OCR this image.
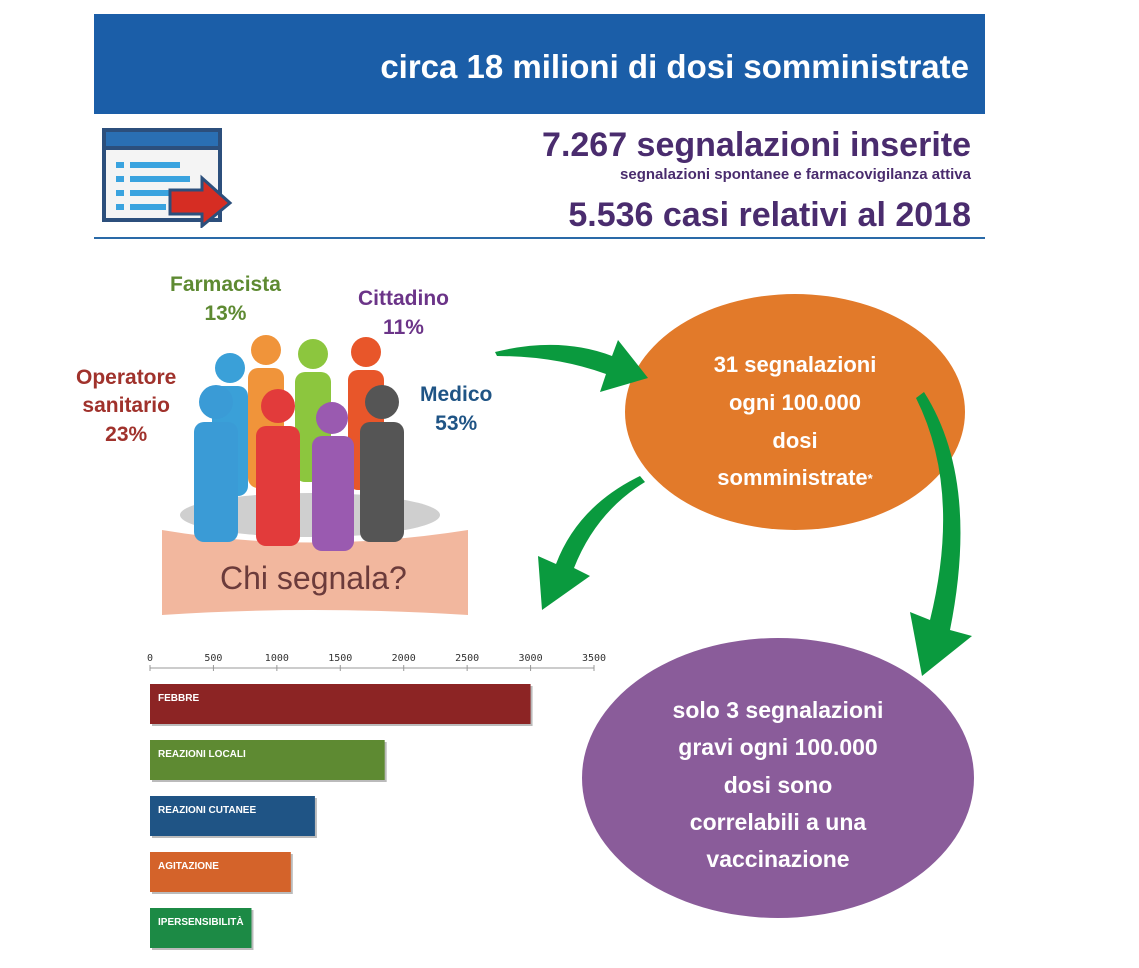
circa 18 milioni di dosi somministrate
7.267 segnalazioni inserite
segnalazioni spontanee e farmacovigilanza attiva
5.536 casi relativi al 2018
Chi segnala?
Farmacista
13%
Cittadino
11%
Operatore
sanitario
23%
Medico
53%
31 segnalazioni
ogni 100.000
dosi
somministrate*
solo 3 segnalazioni
gravi ogni 100.000
dosi sono
correlabili a una
vaccinazione
0	500	1000	1500	2000	2500	3000	3500
FEBBRE
REAZIONI LOCALI
REAZIONI CUTANEE
AGITAZIONE
IPERSENSIBILITÀ
